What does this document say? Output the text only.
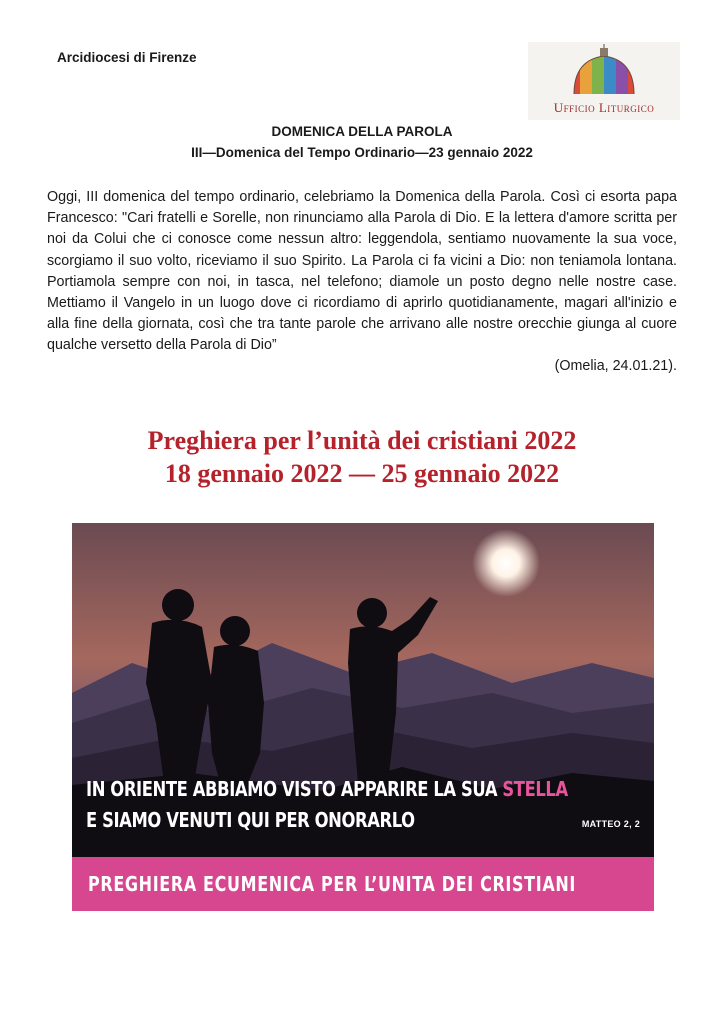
Arcidiocesi di Firenze
Ufficio Liturgico
DOMENICA DELLA PAROLA
III—Domenica del Tempo Ordinario—23 gennaio 2022

Oggi, III domenica del tempo ordinario, celebriamo la Domenica della Parola. Così ci esorta papa Francesco: "Cari fratelli e Sorelle, non rinunciamo alla Parola di Dio. E la lettera d'amore scritta per noi da Colui che ci conosce come nessun altro: leggendola, sentiamo nuovamente la sua voce, scorgiamo il suo volto, riceviamo il suo Spirito. La Parola ci fa vicini a Dio: non teniamola lontana. Portiamola sempre con noi, in tasca, nel telefono; diamole un posto degno nelle nostre case. Mettiamo il Vangelo in un luogo dove ci ricordiamo di aprirlo quotidianamente, magari all'inizio e alla fine della giornata, così che tra tante parole che arrivano alle nostre orecchie giunga al cuore qualche versetto della Parola di Dio”

(Omelia, 24.01.21).
Preghiera per l’unità dei cristiani 2022
18 gennaio 2022 — 25 gennaio 2022
IN ORIENTE ABBIAMO VISTO APPARIRE LA SUA STELLA
E SIAMO VENUTI QUI PER ONORARLO	MATTEO 2, 2
PREGHIERA ECUMENICA PER L’UNITA DEI CRISTIANI
